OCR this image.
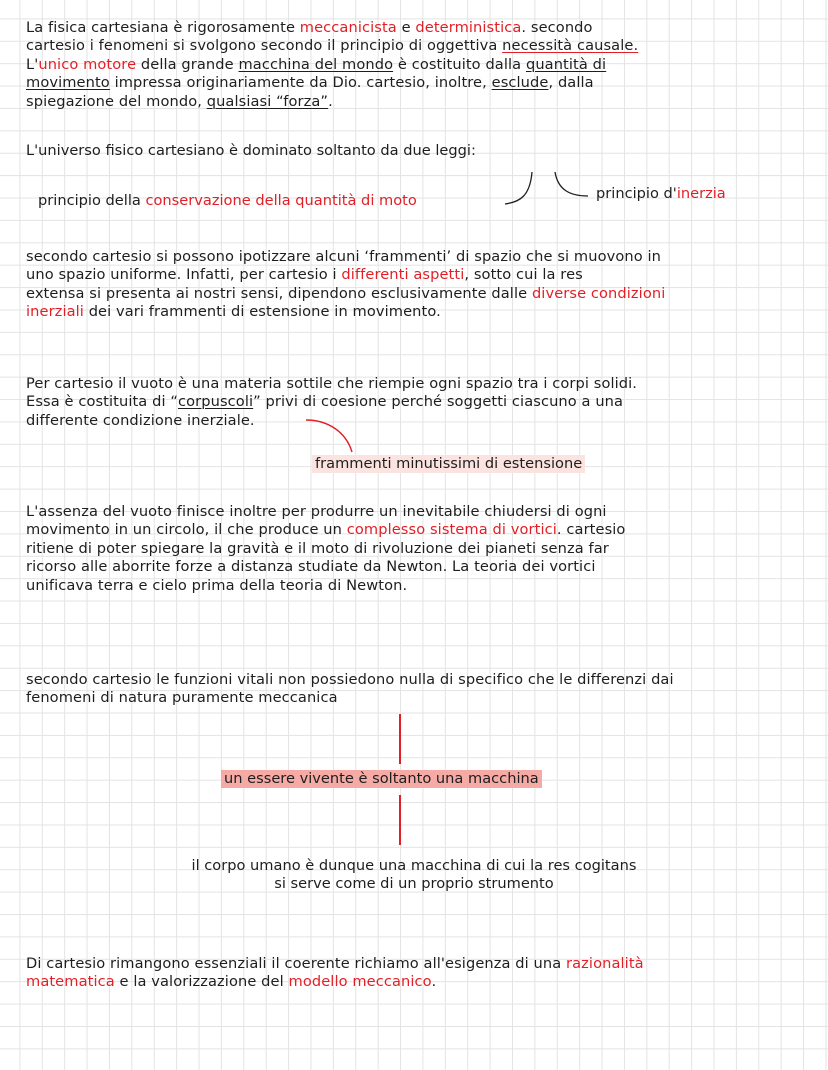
La fisica cartesiana è rigorosamente meccanicista e deterministica. secondo
cartesio i fenomeni si svolgono secondo il principio di oggettiva necessità causale.
L'unico motore della grande macchina del mondo è costituito dalla quantità di
movimento impressa originariamente da Dio. cartesio, inoltre, esclude, dalla
spiegazione del mondo, qualsiasi “forza”.
L'universo fisico cartesiano è dominato soltanto da due leggi:
principio della conservazione della quantità di moto	principio d'inerzia
secondo cartesio si possono ipotizzare alcuni ‘frammenti’ di spazio che si muovono in
uno spazio uniforme. Infatti, per cartesio i differenti aspetti, sotto cui la res
extensa si presenta ai nostri sensi, dipendono esclusivamente dalle diverse condizioni
inerziali dei vari frammenti di estensione in movimento.
Per cartesio il vuoto è una materia sottile che riempie ogni spazio tra i corpi solidi.
Essa è costituita di “corpuscoli” privi di coesione perché soggetti ciascuno a una
differente condizione inerziale.
frammenti minutissimi di estensione
L'assenza del vuoto finisce inoltre per produrre un inevitabile chiudersi di ogni
movimento in un circolo, il che produce un complesso sistema di vortici. cartesio
ritiene di poter spiegare la gravità e il moto di rivoluzione dei pianeti senza far
ricorso alle aborrite forze a distanza studiate da Newton. La teoria dei vortici
unificava terra e cielo prima della teoria di Newton.
secondo cartesio le funzioni vitali non possiedono nulla di specifico che le differenzi dai
fenomeni di natura puramente meccanica
un essere vivente è soltanto una macchina
il corpo umano è dunque una macchina di cui la res cogitans
si serve come di un proprio strumento
Di cartesio rimangono essenziali il coerente richiamo all'esigenza di una razionalità
matematica e la valorizzazione del modello meccanico.
